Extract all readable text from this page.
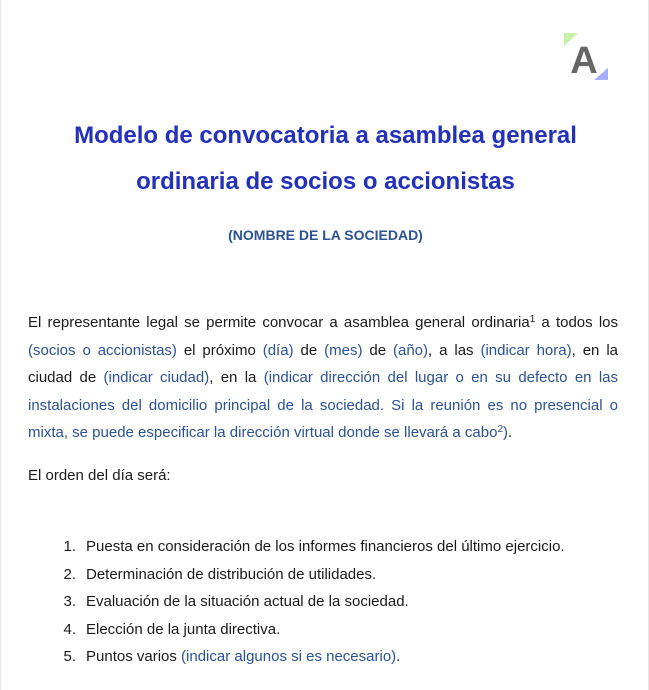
A
Modelo de convocatoria a asamblea general
ordinaria de socios o accionistas

(NOMBRE DE LA SOCIEDAD)

El representante legal se permite convocar a asamblea general ordinaria$^1$ a todos los (socios o accionistas) el próximo (día) de (mes) de (año), a las (indicar hora), en la ciudad de (indicar ciudad), en la (indicar dirección del lugar o en su defecto en las instalaciones del domicilio principal de la sociedad. Si la reunión es no presencial o mixta, se puede especificar la dirección virtual donde se llevará a cabo$^2$).

El orden del día será:

1. Puesta en consideración de los informes financieros del último ejercicio.
2. Determinación de distribución de utilidades.
3. Evaluación de la situación actual de la sociedad.
4. Elección de la junta directiva.
5. Puntos varios (indicar algunos si es necesario).
